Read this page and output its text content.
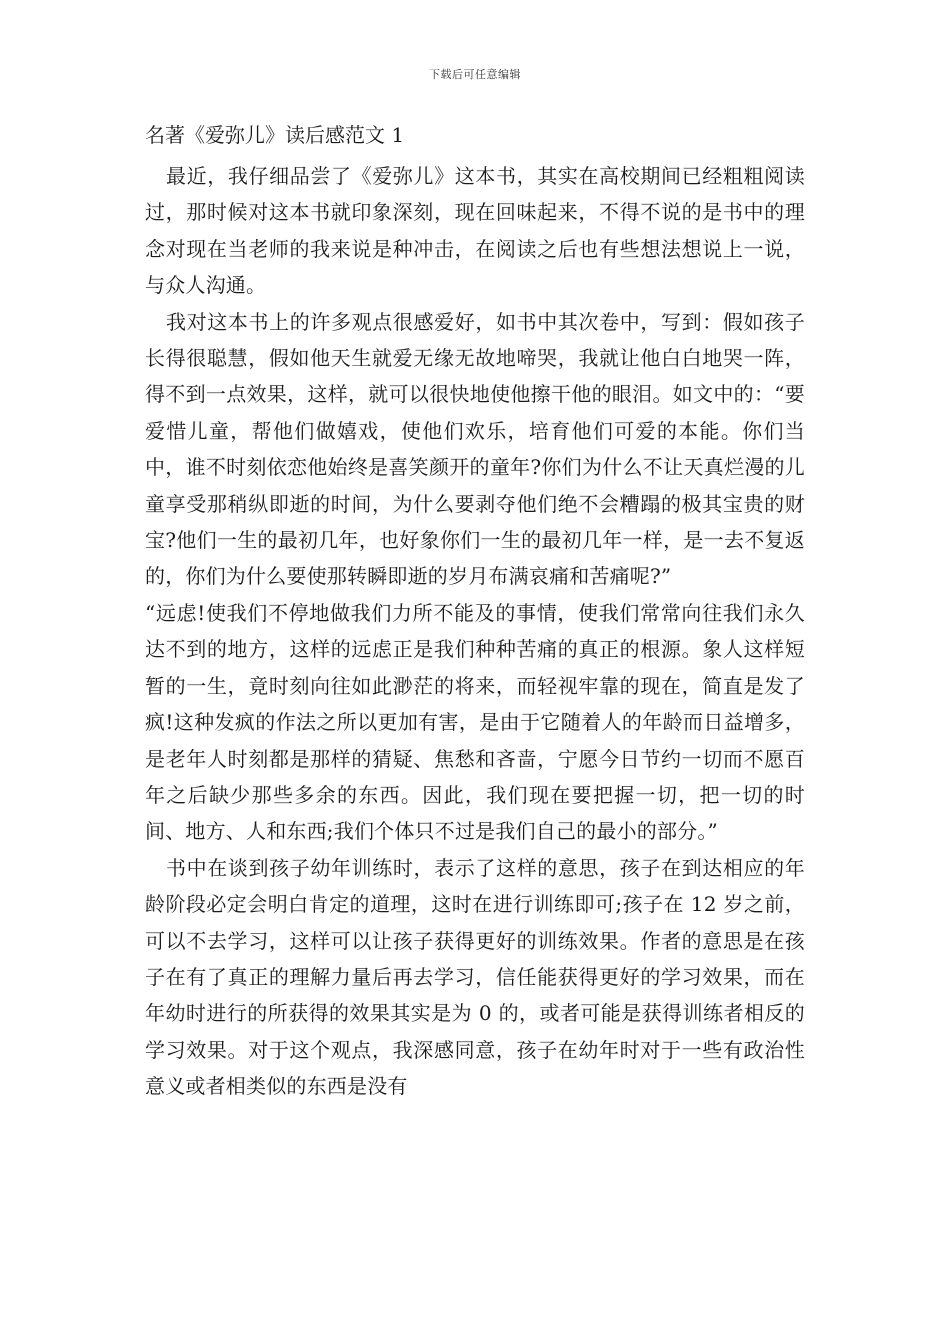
下载后可任意编辑
名著《爱弥儿》读后感范文 1

最近，我仔细品尝了《爱弥儿》这本书，其实在高校期间已经粗粗阅读过，那时候对这本书就印象深刻，现在回味起来，不得不说的是书中的理念对现在当老师的我来说是种冲击，在阅读之后也有些想法想说上一说，与众人沟通。

我对这本书上的许多观点很感爱好，如书中其次卷中，写到：假如孩子长得很聪慧，假如他天生就爱无缘无故地啼哭，我就让他白白地哭一阵，得不到一点效果，这样，就可以很快地使他擦干他的眼泪。如文中的：“要爱惜儿童，帮他们做嬉戏，使他们欢乐，培育他们可爱的本能。你们当中，谁不时刻依恋他始终是喜笑颜开的童年?你们为什么不让天真烂漫的儿童享受那稍纵即逝的时间，为什么要剥夺他们绝不会糟蹋的极其宝贵的财宝?他们一生的最初几年，也好象你们一生的最初几年一样，是一去不复返的，你们为什么要使那转瞬即逝的岁月布满哀痛和苦痛呢?”

“远虑!使我们不停地做我们力所不能及的事情，使我们常常向往我们永久达不到的地方，这样的远虑正是我们种种苦痛的真正的根源。象人这样短暂的一生，竟时刻向往如此渺茫的将来，而轻视牢靠的现在，简直是发了疯!这种发疯的作法之所以更加有害，是由于它随着人的年龄而日益增多，是老年人时刻都是那样的猜疑、焦愁和吝啬，宁愿今日节约一切而不愿百年之后缺少那些多余的东西。因此，我们现在要把握一切，把一切的时间、地方、人和东西;我们个体只不过是我们自己的最小的部分。”

书中在谈到孩子幼年训练时，表示了这样的意思，孩子在到达相应的年龄阶段必定会明白肯定的道理，这时在进行训练即可;孩子在 12 岁之前，可以不去学习，这样可以让孩子获得更好的训练效果。作者的意思是在孩子在有了真正的理解力量后再去学习，信任能获得更好的学习效果，而在年幼时进行的所获得的效果其实是为 0 的，或者可能是获得训练者相反的学习效果。对于这个观点，我深感同意，孩子在幼年时对于一些有政治性意义或者相类似的东西是没有
